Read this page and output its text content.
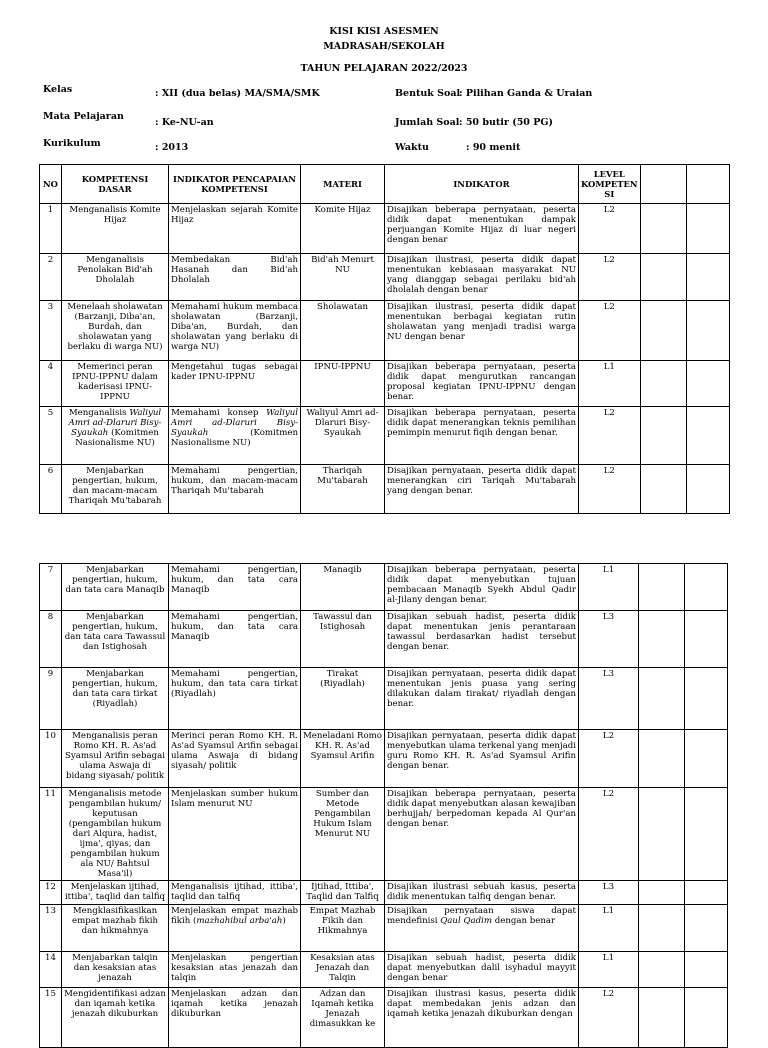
KISI KISI ASESMEN
MADRASAH/SEKOLAH
TAHUN PELAJARAN 2022/2023
Kelas	: XII (dua belas) MA/SMA/SMK
Mata Pelajaran
: Ke-NU-an
Kurikulum	: 2013
Bentuk Soal
: Pilihan Ganda & Uraian
Jumlah Soal : 50 butir (50 PG)
Waktu	: 90 menit
NO	KOMPETENSI DASAR	INDIKATOR PENCAPAIAN KOMPETENSI	MATERI	INDIKATOR	LEVEL KOMPETEN SI		
1	Menganalisis Komite Hijaz	Menjelaskan sejarah Komite Hijaz	Komite Hijaz	Disajikan beberapa pernyataan, peserta didik dapat menentukan dampak perjuangan Komite Hijaz di luar negeri dengan benar	L2		
2	Menganalisis Penolakan Bid'ah Dholalah	Membedakan Bid'ah Hasanah dan Bid'ah Dholalah	Bid'ah Menurt NU	Disajikan ilustrasi, peserta didik dapat menentukan kebiasaan masyarakat NU yang dianggap sebagai perilaku bid'ah dholalah dengan benar	L2		
3	Menelaah sholawatan (Barzanji, Diba'an, Burdah, dan sholawatan yang berlaku di warga NU)	Memahami hukum membaca sholawatan (Barzanji, Diba'an, Burdah, dan sholawatan yang berlaku di warga NU)	Sholawatan	Disajikan ilustrasi, peserta didik dapat menentukan berbagai kegiatan rutin sholawatan yang menjadi tradisi warga NU dengan benar	L2		
4	Memerinci peran IPNU-IPPNU dalam kaderisasi IPNU-IPPNU	Mengetahui tugas sebagai kader IPNU-IPPNU	IPNU-IPPNU	Disajikan beberapa pernyataan, peserta didik dapat mengurutkan rancangan proposal kegiatan IPNU-IPPNU dengan benar.	L1		
5	Menganalisis Waliyul Amri ad-Dlaruri Bisy-Syaukah (Komitmen Nasionalisme NU)	Memahami konsep Waliyul Amri ad-Dlaruri Bisy-Syaukah (Komitmen Nasionalisme NU)	Waliyul Amri ad-Dlaruri Bisy-Syaukah	Disajikan beberapa pernyataan, peserta didik dapat menerangkan teknis pemilihan pemimpin menurut fiqih dengan benar.	L2		
6	Menjabarkan pengertian, hukum, dan macam-macam Thariqah Mu'tabarah	Memahami pengertian, hukum, dan macam-macam Thariqah Mu'tabarah	Thariqah Mu'tabarah	Disajikan pernyataan, peserta didik dapat menerangkan ciri Tariqah Mu'tabarah yang dengan benar.	L2		
7	Menjabarkan pengertian, hukum, dan tata cara Manaqib	Memahami pengertian, hukum, dan tata cara Manaqib	Manaqib	Disajikan beberapa pernyataan, peserta didik dapat menyebutkan tujuan pembacaan Manaqib Syekh Abdul Qadir al-Jilany dengan benar.	L1		
8	Menjabarkan pengertian, hukum, dan tata cara Tawassul dan Istighosah	Memahami pengertian, hukum, dan tata cara Manaqib	Tawassul dan Istighosah	Disajikan sebuah hadist, peserta didik dapat menentukan jenis perantaraan tawassul berdasarkan hadist tersebut dengan benar.	L3		
9	Menjabarkan pengertian, hukum, dan tata cara tirkat (Riyadlah)	Memahami pengertian, hukum, dan tata cara tirkat (Riyadlah)	Tirakat (Riyadlah)	Disajikan pernyataan, peserta didik dapat menentukan jenis puasa yang sering dilakukan dalam tirakat/ riyadlah dengan benar.	L3		
10	Menganalisis peran Romo KH. R. As'ad Syamsul Arifin sebagai ulama Aswaja di bidang siyasah/ politik	Merinci peran Romo KH. R. As'ad Syamsul Arifin sebagai ulama Aswaja di bidang siyasah/ politik	Meneladani Romo KH. R. As'ad Syamsul Arifin	Disajikan pernyataan, peserta didik dapat menyebutkan ulama terkenal yang menjadi guru Romo KH. R. As'ad Syamsul Arifin dengan benar.	L2		
11	Menganalisis metode pengambilan hukum/ keputusan (pengambilan hukum dari Alqura, hadist, ijma', qiyas, dan pengambilan hukum ala NU/ Bahtsul Masa'il)	Menjelaskan sumber hukum Islam menurut NU	Sumber dan Metode Pengambilan Hukum Islam Menurut NU	Disajikan beberapa pernyataan, peserta didik dapat menyebutkan alasan kewajiban berhujjah/ berpedoman kepada Al Qur'an dengan benar.	L2		
12	Menjelaskan ijtihad, ittiba', taqlid dan talfiq	Menganalisis ijtihad, ittiba', taqlid dan talfiq	Ijtihad, Ittiba', Taqlid dan Talfiq	Disajikan ilustrasi sebuah kasus, peserta didik menentukan talfiq dengan benar.	L3		
13	Mengklasifikasikan empat mazhab fikih dan hikmahnya	Menjelaskan empat mazhab fikih (mazhahibul arba'ah)	Empat Mazhab Fikih dan Hikmahnya	Disajikan pernyataan siswa dapat mendefinisi Qaul Qadim dengan benar	L1		
14	Menjabarkan talqin dan kesaksian atas jenazah	Menjelaskan pengertian kesaksian atas jenazah dan talqin	Kesaksian atas Jenazah dan Talqin	Disajikan sebuah hadist, peserta didik dapat menyebutkan dalil isyhadul mayyit dengan benar	L1		
15	Mengidentifikasi adzan dan iqamah ketika jenazah dikuburkan	Menjelaskan adzan dan iqamah ketika jenazah dikuburkan	Adzan dan Iqamah ketika Jenazah dimasukkan ke	Disajikan ilustrasi kasus, peserta didik dapat membedakan jenis adzan dan iqamah ketika jenazah dikuburkan dengan	L2		
